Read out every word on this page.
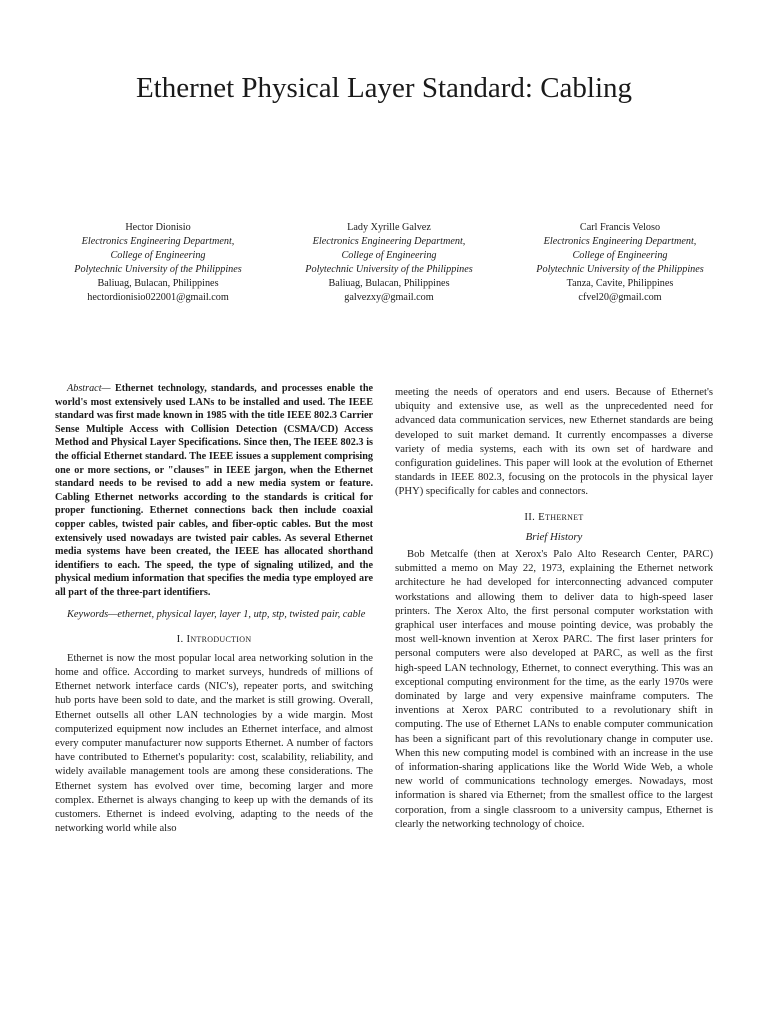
Ethernet Physical Layer Standard: Cabling
Hector Dionisio
Electronics Engineering Department,
College of Engineering
Polytechnic University of the Philippines
Baliuag, Bulacan, Philippines
hectordionisio022001@gmail.com
Lady Xyrille Galvez
Electronics Engineering Department,
College of Engineering
Polytechnic University of the Philippines
Baliuag, Bulacan, Philippines
galvezxy@gmail.com
Carl Francis Veloso
Electronics Engineering Department,
College of Engineering
Polytechnic University of the Philippines
Tanza, Cavite, Philippines
cfvel20@gmail.com

Abstract— Ethernet technology, standards, and processes enable the world's most extensively used LANs to be installed and used. The IEEE standard was first made known in 1985 with the title IEEE 802.3 Carrier Sense Multiple Access with Collision Detection (CSMA/CD) Access Method and Physical Layer Specifications. Since then, The IEEE 802.3 is the official Ethernet standard. The IEEE issues a supplement comprising one or more sections, or "clauses" in IEEE jargon, when the Ethernet standard needs to be revised to add a new media system or feature. Cabling Ethernet networks according to the standards is critical for proper functioning. Ethernet connections back then include coaxial copper cables, twisted pair cables, and fiber-optic cables. But the most extensively used nowadays are twisted pair cables. As several Ethernet media systems have been created, the IEEE has allocated shorthand identifiers to each. The speed, the type of signaling utilized, and the physical medium information that specifies the media type employed are all part of the three-part identifiers.

Keywords—ethernet, physical layer, layer 1, utp, stp, twisted pair, cable

I. Introduction

Ethernet is now the most popular local area networking solution in the home and office. According to market surveys, hundreds of millions of Ethernet network interface cards (NIC's), repeater ports, and switching hub ports have been sold to date, and the market is still growing. Overall, Ethernet outsells all other LAN technologies by a wide margin. Most computerized equipment now includes an Ethernet interface, and almost every computer manufacturer now supports Ethernet. A number of factors have contributed to Ethernet's popularity: cost, scalability, reliability, and widely available management tools are among these considerations. The Ethernet system has evolved over time, becoming larger and more complex. Ethernet is always changing to keep up with the demands of its customers. Ethernet is indeed evolving, adapting to the needs of the networking world while also

meeting the needs of operators and end users. Because of Ethernet's ubiquity and extensive use, as well as the unprecedented need for advanced data communication services, new Ethernet standards are being developed to suit market demand. It currently encompasses a diverse variety of media systems, each with its own set of hardware and configuration guidelines. This paper will look at the evolution of Ethernet standards in IEEE 802.3, focusing on the protocols in the physical layer (PHY) specifically for cables and connectors.

II. Ethernet
Brief History

Bob Metcalfe (then at Xerox's Palo Alto Research Center, PARC) submitted a memo on May 22, 1973, explaining the Ethernet network architecture he had developed for interconnecting advanced computer workstations and allowing them to deliver data to high-speed laser printers. The Xerox Alto, the first personal computer workstation with graphical user interfaces and mouse pointing device, was probably the most well-known invention at Xerox PARC. The first laser printers for personal computers were also developed at PARC, as well as the first high-speed LAN technology, Ethernet, to connect everything. This was an exceptional computing environment for the time, as the early 1970s were dominated by large and very expensive mainframe computers. The inventions at Xerox PARC contributed to a revolutionary shift in computing. The use of Ethernet LANs to enable computer communication has been a significant part of this revolutionary change in computer use. When this new computing model is combined with an increase in the use of information-sharing applications like the World Wide Web, a whole new world of communications technology emerges. Nowadays, most information is shared via Ethernet; from the smallest office to the largest corporation, from a single classroom to a university campus, Ethernet is clearly the networking technology of choice.
